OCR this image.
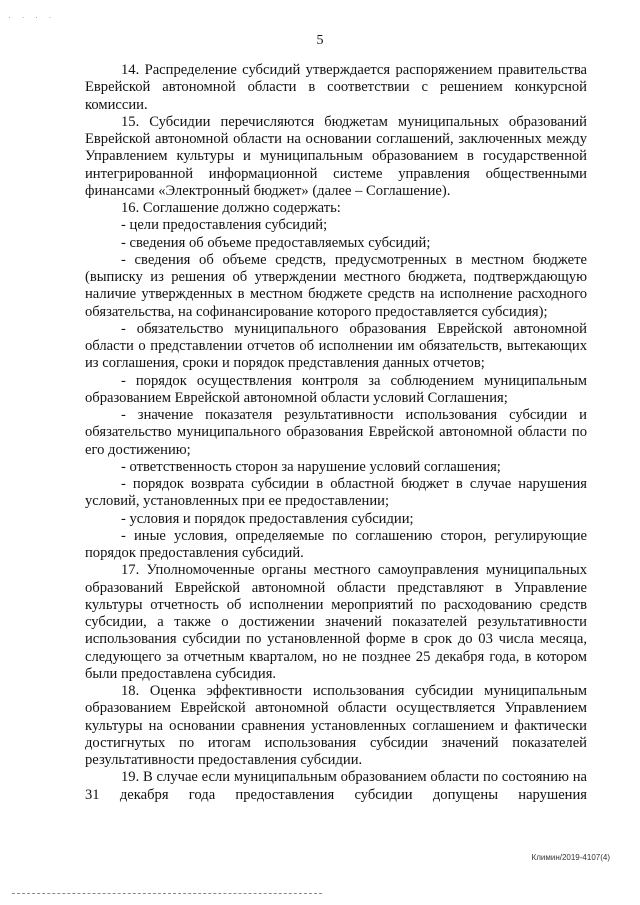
· · · ·
5

14. Распределение субсидий утверждается распоряжением правительства Еврейской автономной области в соответствии с решением конкурсной комиссии.

15. Субсидии перечисляются бюджетам муниципальных образований Еврейской автономной области на основании соглашений, заключенных между Управлением культуры и муниципальным образованием в государственной интегрированной информационной системе управления общественными финансами «Электронный бюджет» (далее – Соглашение).

16. Соглашение должно содержать:

- цели предоставления субсидий;

- сведения об объеме предоставляемых субсидий;

- сведения об объеме средств, предусмотренных в местном бюджете (выписку из решения об утверждении местного бюджета, подтверждающую наличие утвержденных в местном бюджете средств на исполнение расходного обязательства, на софинансирование которого предоставляется субсидия);

- обязательство муниципального образования Еврейской автономной области о представлении отчетов об исполнении им обязательств, вытекающих из соглашения, сроки и порядок представления данных отчетов;

- порядок осуществления контроля за соблюдением муниципальным образованием Еврейской автономной области условий Соглашения;

- значение показателя результативности использования субсидии и обязательство муниципального образования Еврейской автономной области по его достижению;

- ответственность сторон за нарушение условий соглашения;

- порядок возврата субсидии в областной бюджет в случае нарушения условий, установленных при ее предоставлении;

- условия и порядок предоставления субсидии;

- иные условия, определяемые по соглашению сторон, регулирующие порядок предоставления субсидий.

17. Уполномоченные органы местного самоуправления муниципальных образований Еврейской автономной области представляют в Управление культуры отчетность об исполнении мероприятий по расходованию средств субсидии, а также о достижении значений показателей результативности использования субсидии по установленной форме в срок до 03 числа месяца, следующего за отчетным кварталом, но не позднее 25 декабря года, в котором были предоставлена субсидия.

18. Оценка эффективности использования субсидии муниципальным образованием Еврейской автономной области осуществляется Управлением культуры на основании сравнения установленных соглашением и фактически достигнутых по итогам использования субсидии значений показателей результативности предоставления субсидии.

19. В случае если муниципальным образованием области по состоянию на 31 декабря года предоставления субсидии допущены нарушения

Климин/2019-4107(4)
